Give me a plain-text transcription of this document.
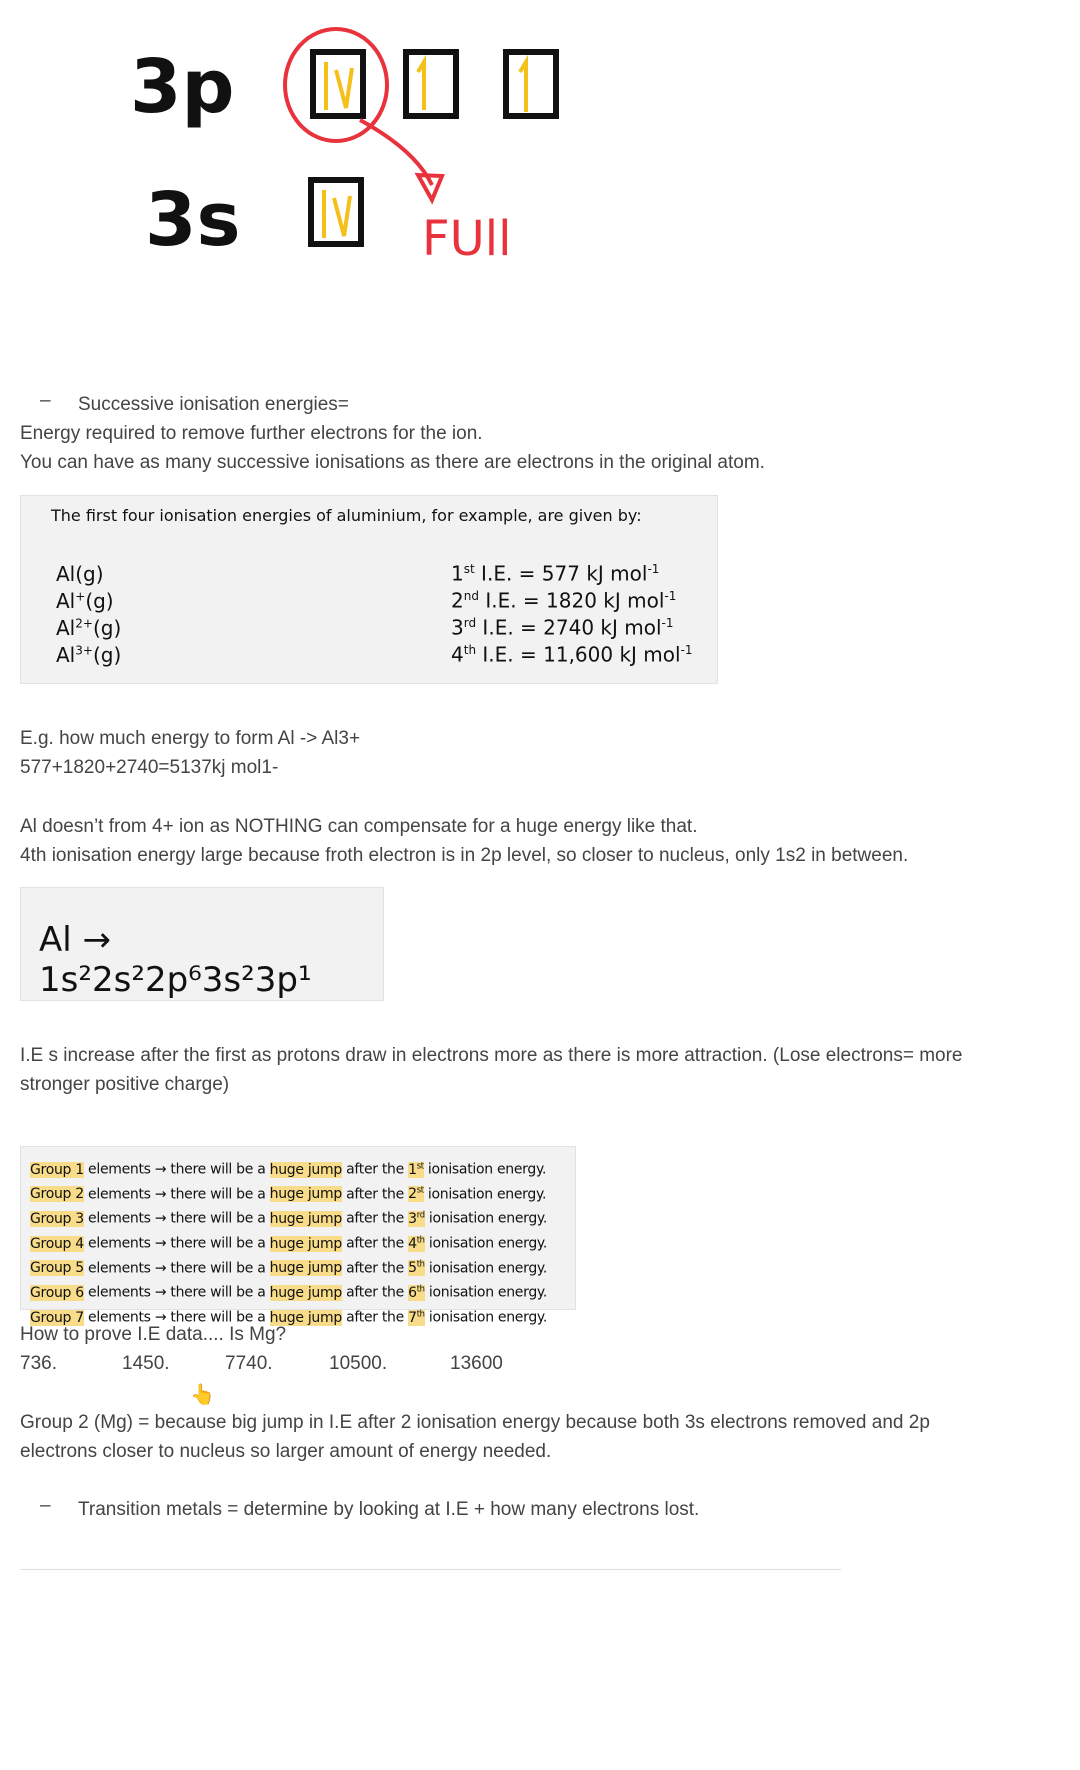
3p
3s	FUll
– Successive ionisation energies=
Energy required to remove further electrons for the ion.
You can have as many successive ionisations as there are electrons in the original atom.
The first four ionisation energies of aluminium, for example, are given by:
Al(g)	1st I.E. = 577 kJ mol$^{-1}$
Al+(g)	2nd I.E. = 1820 kJ mol$^{-1}$
$Al^{2+}(g)$	3rd I.E. = 2740 kJ mol$^{-1}$
$Al^{3+}(g)$	4th I.E. = 11,600 kJ mol$^{-1}$
E.g. how much energy to form Al -> Al3+
577+1820+2740=5137kj mol1-
Al doesn’t from 4+ ion as NOTHING can compensate for a huge energy like that.
4th ionisation energy large because froth electron is in 2p level, so closer to nucleus, only 1s2 in between.
Al → 1s²2s²2p⁶3s²3p¹
I.E s increase after the first as protons draw in electrons more as there is more attraction. (Lose electrons= more
stronger positive charge)
Group 1 elements → there will be a huge jump after the 1st ionisation energy.
Group 2 elements → there will be a huge jump after the 2st ionisation energy.
Group 3 elements → there will be a huge jump after the 3rd ionisation energy.
Group 4 elements → there will be a huge jump after the 4th ionisation energy.
Group 5 elements → there will be a huge jump after the 5th ionisation energy.
Group 6 elements → there will be a huge jump after the 6th ionisation energy.
Group 7 elements → there will be a huge jump after the 7th ionisation energy.
How to prove I.E data.... Is Mg?
736.	1450.	7740.	10500.	13600
👆
Group 2 (Mg) = because big jump in I.E after 2 ionisation energy because both 3s electrons removed and 2p
electrons closer to nucleus so larger amount of energy needed.
– Transition metals = determine by looking at I.E + how many electrons lost.
